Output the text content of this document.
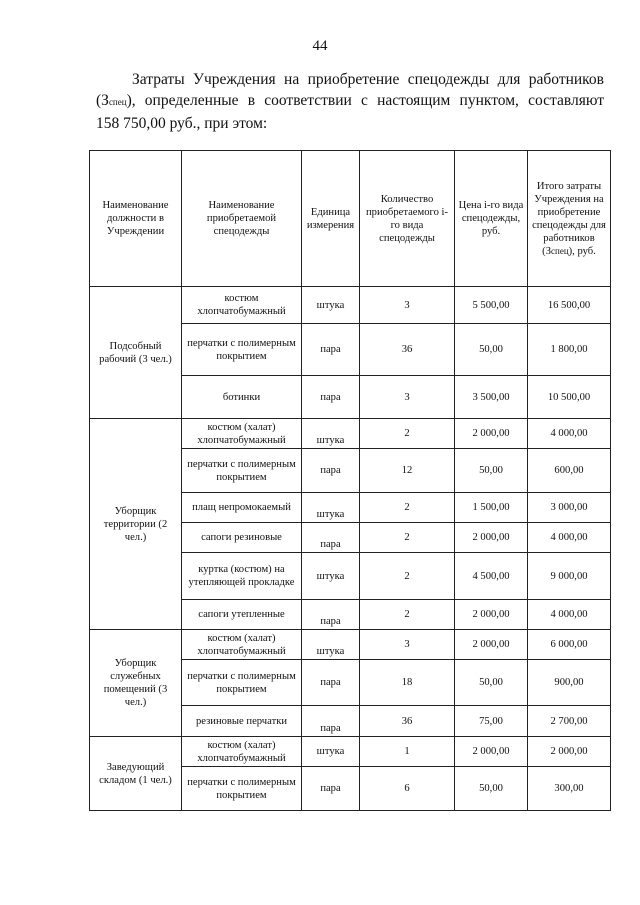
44

Затраты Учреждения на приобретение спецодежды для работников

(Зспец), определенные в соответствии с настоящим пунктом, составляют

158 750,00 руб., при этом:

Наименование должности в Учреждении	Наименование приобретаемой спецодежды	Единица измерения	Количество приобретаемого i-го вида спецодежды	Цена i-го вида спецодежды, руб.	Итого затраты Учреждения на приобретение спецодежды для работников (Зспец), руб.
Подсобный рабочий (3 чел.)	костюм хлопчатобумажный	штука	3	5 500,00	16 500,00
	перчатки с полимерным покрытием	пара	36	50,00	1 800,00
	ботинки	пара	3	3 500,00	10 500,00
Уборщик территории (2 чел.)	костюм (халат) хлопчатобумажный	штука	2	2 000,00	4 000,00
	перчатки с полимерным покрытием	пара	12	50,00	600,00
	плащ непромокаемый	штука	2	1 500,00	3 000,00
	сапоги резиновые	пара	2	2 000,00	4 000,00
	куртка (костюм) на утепляющей прокладке	штука	2	4 500,00	9 000,00
	сапоги утепленные	пара	2	2 000,00	4 000,00
Уборщик служебных помещений (3 чел.)	костюм (халат) хлопчатобумажный	штука	3	2 000,00	6 000,00
	перчатки с полимерным покрытием	пара	18	50,00	900,00
	резиновые перчатки	пара	36	75,00	2 700,00
Заведующий складом (1 чел.)	костюм (халат) хлопчатобумажный	штука	1	2 000,00	2 000,00
	перчатки с полимерным покрытием	пара	6	50,00	300,00
